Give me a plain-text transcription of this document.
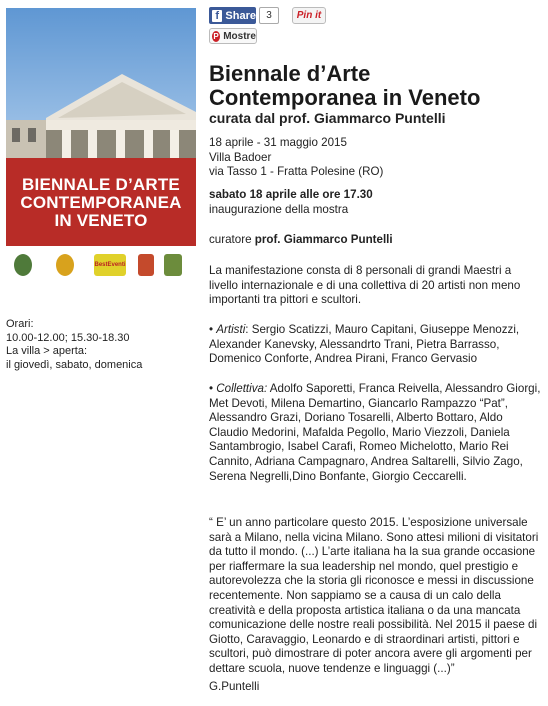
BIENNALE D’ARTE
CONTEMPORANEA
IN VENETO
BestEventi
Orari:
10.00-12.00; 15.30-18.30
La villa ˃ aperta:
il giovedì, sabato, domenica
f Share	3	Pin it
P Mostre
Biennale d’Arte Contemporanea in Veneto
curata dal prof. Giammarco Puntelli
18 aprile - 31 maggio 2015
Villa Badoer
via Tasso 1 - Fratta Polesine (RO)
sabato 18 aprile alle ore 17.30
inaugurazione della mostra
curatore prof. Giammarco Puntelli
La manifestazione consta di 8 personali di grandi Maestri a livello internazionale e di una collettiva di 20 artisti non meno importanti tra pittori e scultori.
• Artisti: Sergio Scatizzi, Mauro Capitani, Giuseppe Menozzi, Alexander Kanevsky, Alessandrto Trani, Pietra Barrasso, Domenico Conforte, Andrea Pirani, Franco Gervasio
• Collettiva: Adolfo Saporetti, Franca Reivella, Alessandro Giorgi, Met Devoti, Milena Demartino, Giancarlo Rampazzo “Pat”, Alessandro Grazi, Doriano Tosarelli, Alberto Bottaro, Aldo Claudio Medorini, Mafalda Pegollo, Mario Viezzoli, Daniela Santambrogio, Isabel Carafi, Romeo Michelotto, Mario Rei Cannito, Adriana Campagnaro, Andrea Saltarelli, Silvio Zago, Serena Negrelli,Dino Bonfante, Giorgio Ceccarelli.
“ E’ un anno particolare questo 2015. L’esposizione universale sarà a Milano, nella vicina Milano. Sono attesi milioni di visitatori da tutto il mondo. (...) L’arte italiana ha la sua grande occasione per riaffermare la sua leadership nel mondo, quel prestigio e autorevolezza che la storia gli riconosce e messi in discussione recentemente. Non sappiamo se a causa di un calo della creatività e della proposta artistica italiana o da una mancata comunicazione delle nostre reali possibilità. Nel 2015 il paese di Giotto, Caravaggio, Leonardo e di straordinari artisti, pittori e scultori, può dimostrare di poter ancora avere gli argomenti per dettare scuola, nuove tendenze e linguaggi (...)”
G.Puntelli
